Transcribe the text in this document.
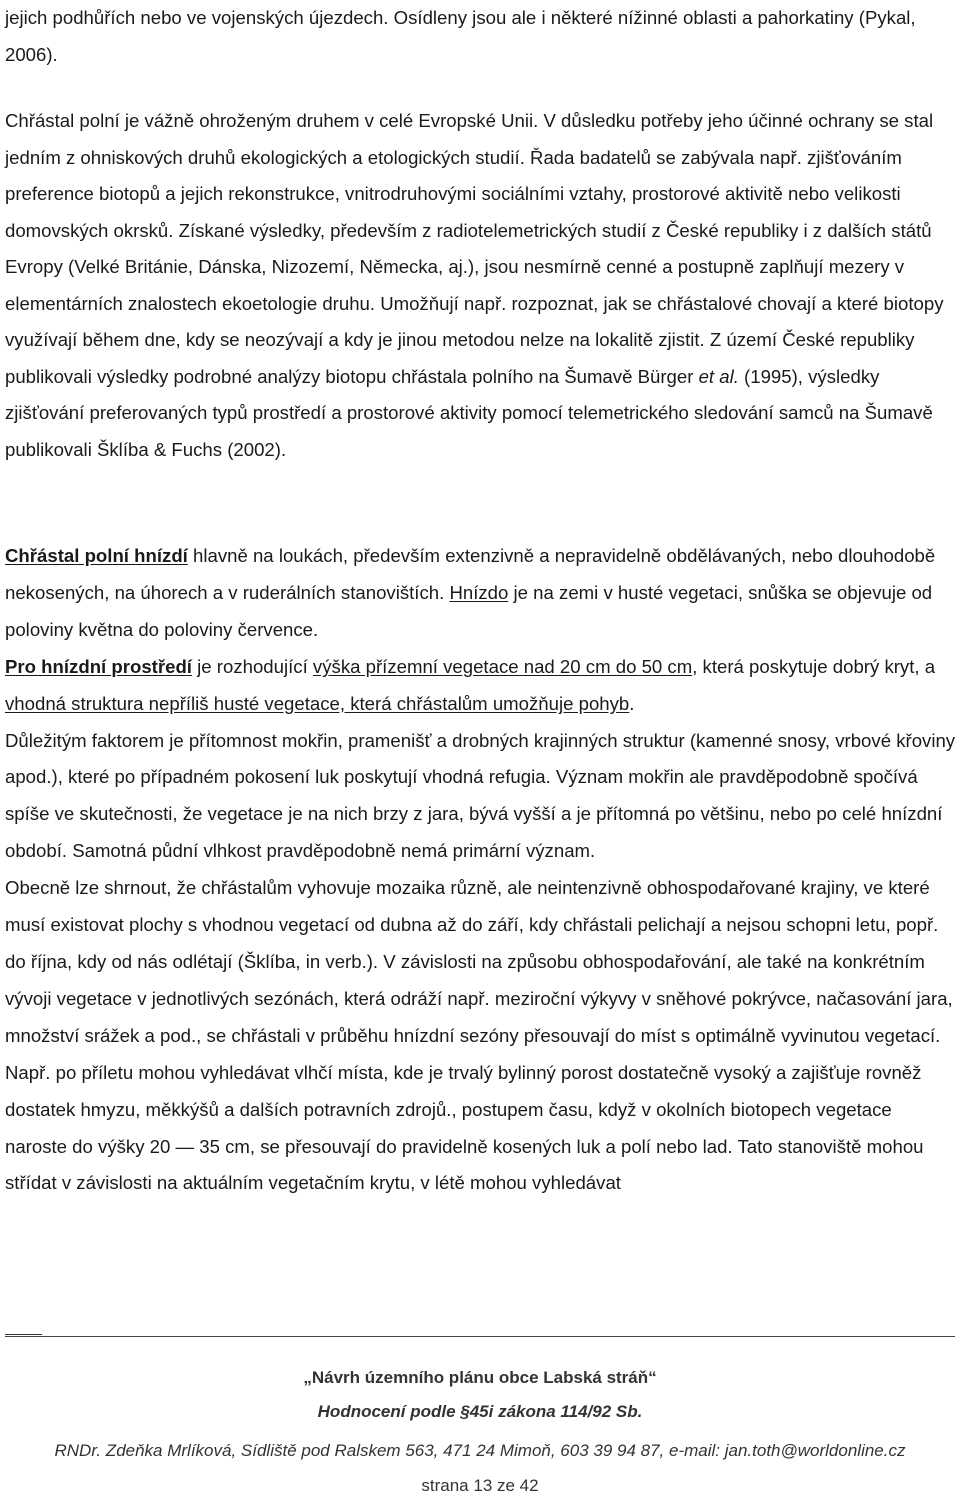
jejich podhůřích nebo ve vojenských újezdech. Osídleny jsou ale i některé nížinné oblasti a pahorkatiny (Pykal, 2006).

Chřástal polní je vážně ohroženým druhem v celé Evropské Unii. V důsledku potřeby jeho účinné ochrany se stal jedním z ohniskových druhů ekologických a etologických studií. Řada badatelů se zabývala např. zjišťováním preference biotopů a jejich rekonstrukce, vnitrodruhovými sociálními vztahy, prostorové aktivitě nebo velikosti domovských okrsků. Získané výsledky, především z radiotelemetrických studií z České republiky i z dalších států Evropy (Velké Británie, Dánska, Nizozemí, Německa, aj.), jsou nesmírně cenné a postupně zaplňují mezery v elementárních znalostech ekoetologie druhu. Umožňují např. rozpoznat, jak se chřástalové chovají a které biotopy využívají během dne, kdy se neozývají a kdy je jinou metodou nelze na lokalitě zjistit. Z území České republiky publikovali výsledky podrobné analýzy biotopu chřástala polního na Šumavě Bürger et al. (1995), výsledky zjišťování preferovaných typů prostředí a prostorové aktivity pomocí telemetrického sledování samců na Šumavě publikovali Šklíba & Fuchs (2002).

Chřástal polní hnízdí hlavně na loukách, především extenzivně a nepravidelně obdělávaných, nebo dlouhodobě nekosených, na úhorech a v ruderálních stanovištích. Hnízdo je na zemi v husté vegetaci, snůška se objevuje od poloviny května do poloviny července.

Pro hnízdní prostředí je rozhodující výška přízemní vegetace nad 20 cm do 50 cm, která poskytuje dobrý kryt, a vhodná struktura nepříliš husté vegetace, která chřástalům umožňuje pohyb.

Důležitým faktorem je přítomnost mokřin, pramenišť a drobných krajinných struktur (kamenné snosy, vrbové křoviny apod.), které po případném pokosení luk poskytují vhodná refugia. Význam mokřin ale pravděpodobně spočívá spíše ve skutečnosti, že vegetace je na nich brzy z jara, bývá vyšší a je přítomná po většinu, nebo po celé hnízdní období. Samotná půdní vlhkost pravděpodobně nemá primární význam.

Obecně lze shrnout, že chřástalům vyhovuje mozaika různě, ale neintenzivně obhospodařované krajiny, ve které musí existovat plochy s vhodnou vegetací od dubna až do září, kdy chřástali pelichají a nejsou schopni letu, popř. do října, kdy od nás odlétají (Šklíba, in verb.). V závislosti na způsobu obhospodařování, ale také na konkrétním vývoji vegetace v jednotlivých sezónách, která odráží např. meziroční výkyvy v sněhové pokrývce, načasování jara, množství srážek a pod., se chřástali v průběhu hnízdní sezóny přesouvají do míst s optimálně vyvinutou vegetací. Např. po příletu mohou vyhledávat vlhčí místa, kde je trvalý bylinný porost dostatečně vysoký a zajišťuje rovněž dostatek hmyzu, měkkýšů a dalších potravních zdrojů., postupem času, když v okolních biotopech vegetace naroste do výšky 20 — 35 cm, se přesouvají do pravidelně kosených luk a polí nebo lad. Tato stanoviště mohou střídat v závislosti na aktuálním vegetačním krytu, v létě mohou vyhledávat

„Návrh územního plánu obce Labská stráň“
Hodnocení podle §45i zákona 114/92 Sb.
RNDr. Zdeňka Mrlíková, Sídliště pod Ralskem 563, 471 24 Mimoň, 603 39 94 87, e-mail: jan.toth@worldonline.cz
strana 13 ze 42
